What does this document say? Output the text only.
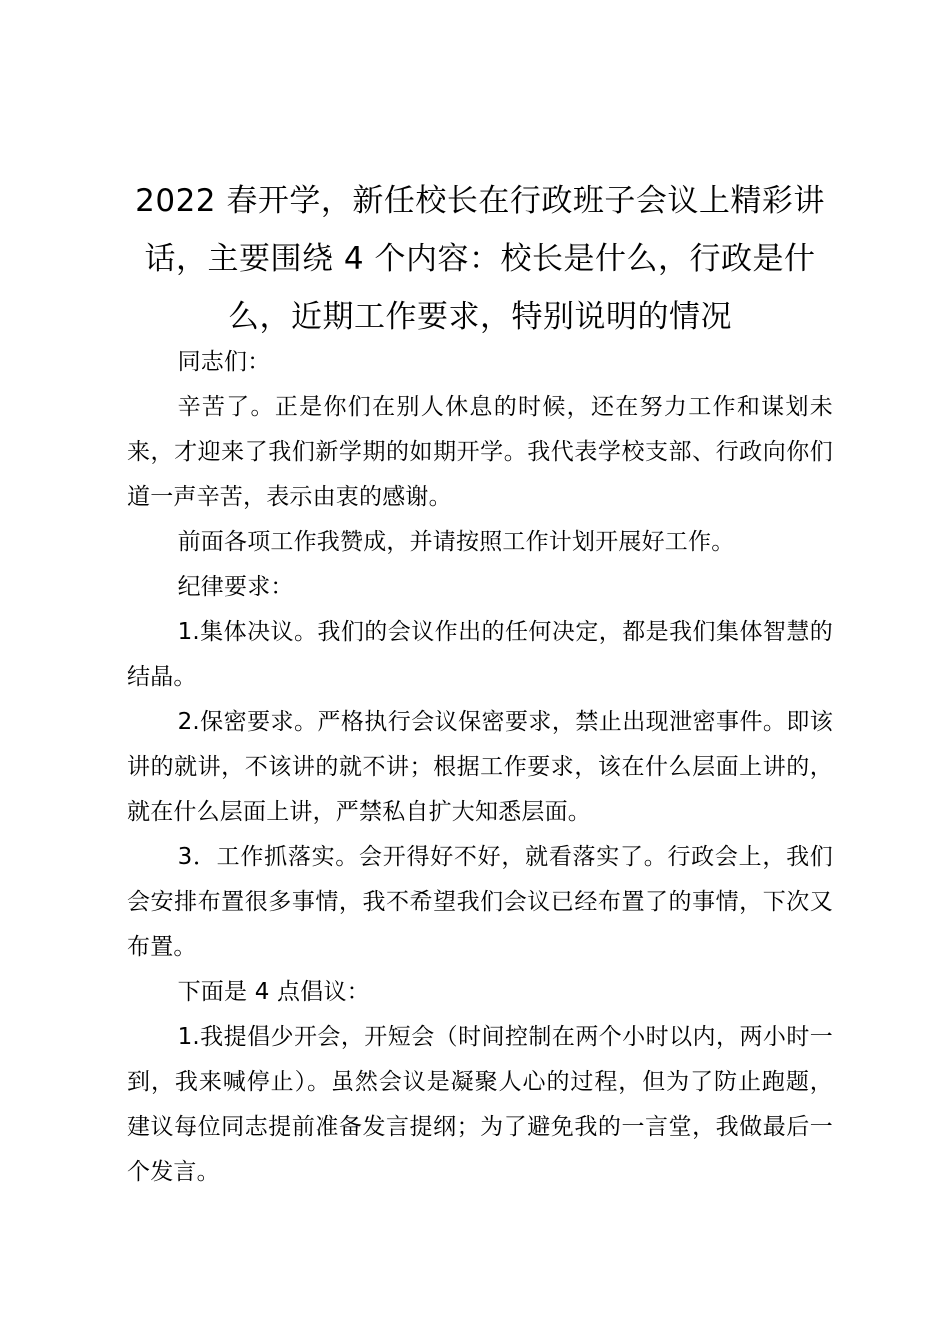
2022 春开学，新任校长在行政班子会议上精彩讲话，主要围绕 4 个内容：校长是什么，行政是什么，近期工作要求，特别说明的情况

同志们：

辛苦了。正是你们在别人休息的时候，还在努力工作和谋划未来，才迎来了我们新学期的如期开学。我代表学校支部、行政向你们道一声辛苦，表示由衷的感谢。

前面各项工作我赞成，并请按照工作计划开展好工作。

纪律要求：

1.集体决议。我们的会议作出的任何决定，都是我们集体智慧的结晶。

2.保密要求。严格执行会议保密要求，禁止出现泄密事件。即该讲的就讲，不该讲的就不讲；根据工作要求，该在什么层面上讲的，就在什么层面上讲，严禁私自扩大知悉层面。

3．工作抓落实。会开得好不好，就看落实了。行政会上，我们会安排布置很多事情，我不希望我们会议已经布置了的事情，下次又布置。

下面是 4 点倡议：

1.我提倡少开会，开短会（时间控制在两个小时以内，两小时一到，我来喊停止）。虽然会议是凝聚人心的过程，但为了防止跑题，建议每位同志提前准备发言提纲；为了避免我的一言堂，我做最后一个发言。
